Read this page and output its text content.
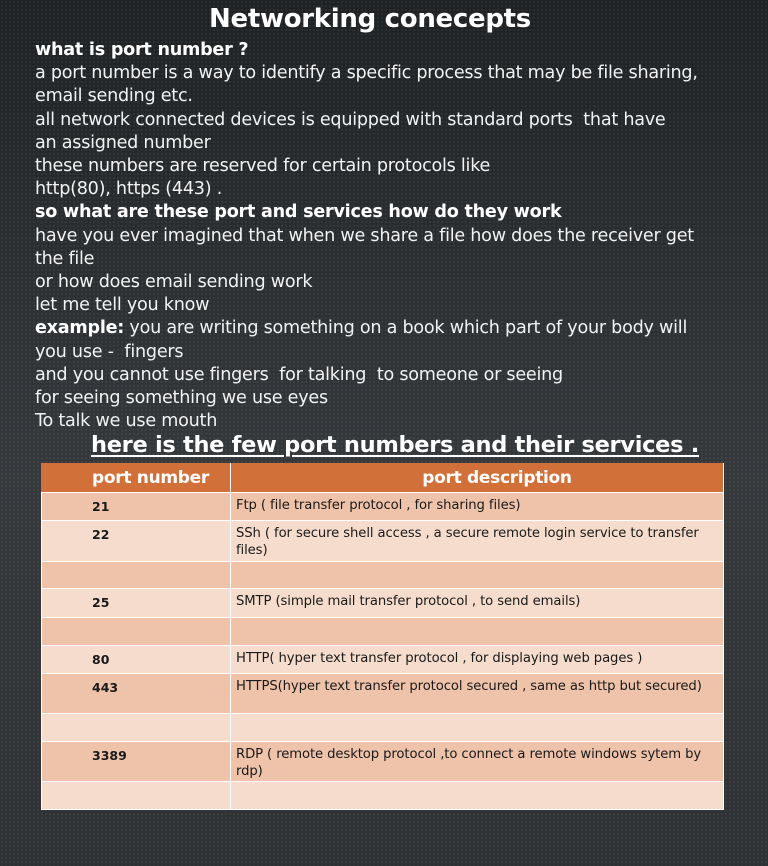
Networking conecepts
what is port number ?
a port number is a way to identify a specific process that may be file sharing,
email sending etc.
all network connected devices is equipped with standard ports  that have
an assigned number
these numbers are reserved for certain protocols like
http(80), https (443) .
so what are these port and services how do they work
have you ever imagined that when we share a file how does the receiver get
the file
or how does email sending work
let me tell you know
example: you are writing something on a book which part of your body will
you use -  fingers
and you cannot use fingers  for talking  to someone or seeing
for seeing something we use eyes
To talk we use mouth
here is the few port numbers and their services .
port number	port description
21	Ftp ( file transfer protocol , for sharing files)
22	SSh ( for secure shell access , a secure remote login service to transfer files)

25	SMTP (simple mail transfer protocol , to send emails)

80	HTTP( hyper text transfer protocol , for displaying web pages )
443	HTTPS(hyper text transfer protocol secured , same as http but secured)

3389	RDP ( remote desktop protocol ,to connect a remote windows sytem by rdp)
